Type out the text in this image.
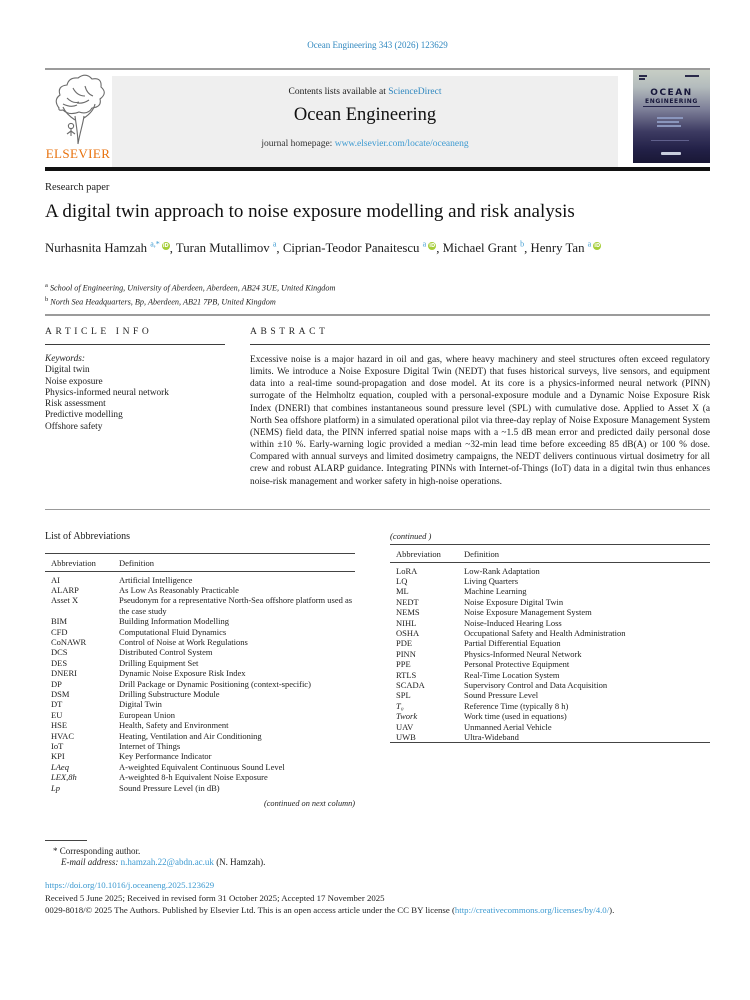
Ocean Engineering 343 (2026) 123629
ELSEVIER
Contents lists available at ScienceDirect
Ocean Engineering
journal homepage: www.elsevier.com/locate/oceaneng
OCEAN
ENGINEERING
Research paper
A digital twin approach to noise exposure modelling and risk analysis
Nurhasnita Hamzah $^{a,*}$ iD, Turan Mutallimov $^a$, Ciprian-Teodor Panaitescu $^a$ iD, Michael Grant $^b$, Henry Tan $^a$ iD
$^a$ School of Engineering, University of Aberdeen, Aberdeen, AB24 3UE, United Kingdom
$^b$ North Sea Headquarters, Bp, Aberdeen, AB21 7PB, United Kingdom
ARTICLE INFO
Keywords:
Digital twin
Noise exposure
Physics-informed neural network
Risk assessment
Predictive modelling
Offshore safety
ABSTRACT

Excessive noise is a major hazard in oil and gas, where heavy machinery and steel structures often exceed regulatory limits. We introduce a Noise Exposure Digital Twin (NEDT) that fuses historical surveys, live sensors, and equipment data into a real-time sound-propagation and dose model. At its core is a physics-informed neural network (PINN) surrogate of the Helmholtz equation, coupled with a personal-exposure module and a Dynamic Noise Exposure Risk Index (DNERI) that combines instantaneous sound pressure level (SPL) with cumulative dose. Applied to Asset X (a North Sea offshore platform) in a simulated operational pilot via three-day replay of Noise Exposure Management System (NEMS) field data, the PINN inferred spatial noise maps with a ~1.5 dB mean error and predicted daily personal dose within ±10 %. Early-warning logic provided a median ~32-min lead time before exceeding 85 dB(A) or 100 % dose. Compared with annual surveys and limited dosimetry campaigns, the NEDT delivers continuous virtual dosimetry for all crew and robust ALARP guidance. Integrating PINNs with Internet-of-Things (IoT) data in a digital twin thus enhances noise-risk management and worker safety in high-noise operations.

List of Abbreviations
Abbreviation	Definition
AI	Artificial Intelligence
ALARP	As Low As Reasonably Practicable
Asset X	Pseudonym for a representative North-Sea offshore platform used as the case study
BIM	Building Information Modelling
CFD	Computational Fluid Dynamics
CoNAWR	Control of Noise at Work Regulations
DCS	Distributed Control System
DES	Drilling Equipment Set
DNERI	Dynamic Noise Exposure Risk Index
DP	Drill Package or Dynamic Positioning (context-specific)
DSM	Drilling Substructure Module
DT	Digital Twin
EU	European Union
HSE	Health, Safety and Environment
HVAC	Heating, Ventilation and Air Conditioning
IoT	Internet of Things
KPI	Key Performance Indicator
LAeq	A-weighted Equivalent Continuous Sound Level
LEX,8h	A-weighted 8-h Equivalent Noise Exposure
Lp	Sound Pressure Level (in dB)
(continued on next column)
(continued )
Abbreviation	Definition
LoRA	Low-Rank Adaptation
LQ	Living Quarters
ML	Machine Learning
NEDT	Noise Exposure Digital Twin
NEMS	Noise Exposure Management System
NIHL	Noise-Induced Hearing Loss
OSHA	Occupational Safety and Health Administration
PDE	Partial Differential Equation
PINN	Physics-Informed Neural Network
PPE	Personal Protective Equipment
RTLS	Real-Time Location System
SCADA	Supervisory Control and Data Acquisition
SPL	Sound Pressure Level
T₀	Reference Time (typically 8 h)
Twork	Work time (used in equations)
UAV	Unmanned Aerial Vehicle
UWB	Ultra-Wideband
* Corresponding author.
E-mail address: n.hamzah.22@abdn.ac.uk (N. Hamzah).
https://doi.org/10.1016/j.oceaneng.2025.123629
Received 5 June 2025; Received in revised form 31 October 2025; Accepted 17 November 2025
0029-8018/© 2025 The Authors. Published by Elsevier Ltd. This is an open access article under the CC BY license (http://creativecommons.org/licenses/by/4.0/).
